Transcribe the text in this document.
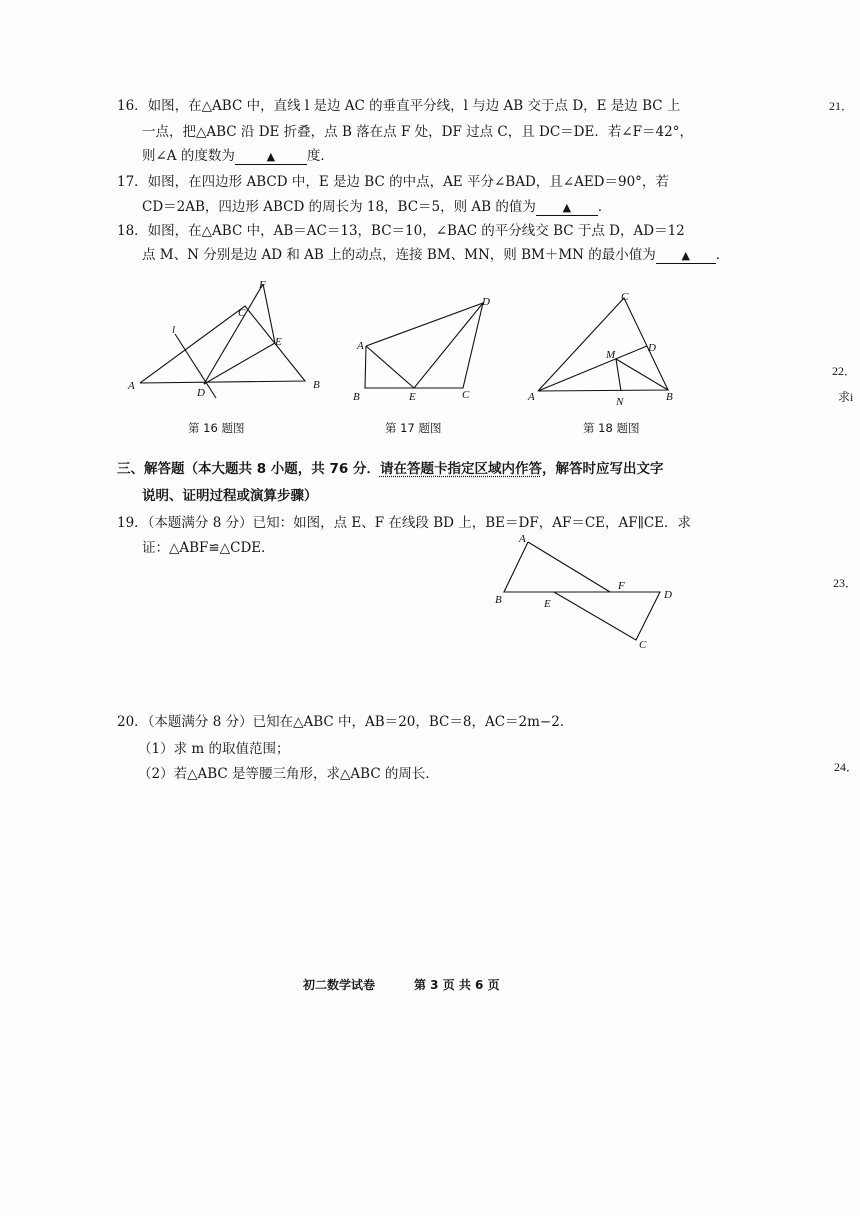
16．如图，在△ABC 中，直线 l 是边 AC 的垂直平分线，l 与边 AB 交于点 D，E 是边 BC 上
一点，把△ABC 沿 DE 折叠，点 B 落在点 F 处，DF 过点 C，且 DC＝DE．若∠F＝42°，
则∠A 的度数为	▲ 度．
17．如图，在四边形 ABCD 中，E 是边 BC 的中点，AE 平分∠BAD，且∠AED＝90°，若
CD＝2AB，四边形 ABCD 的周长为 18，BC＝5，则 AB 的值为 ▲ ．
18．如图，在△ABC 中，AB＝AC＝13，BC＝10，∠BAC 的平分线交 BC 于点 D，AD＝12
点 M、N 分别是边 AD 和 AB 上的动点，连接 BM、MN，则 BM＋MN 的最小值为 ▲ ．
A	B
C
D
E
F
l
第 16 题图
A
B	C
D
E
第 17 题图
A	B
C
D
M
N
第 18 题图
三、解答题（本大题共 8 小题，共 76 分．请在答题卡指定区域内作答，解答时应写出文字
说明、证明过程或演算步骤）
19．（本题满分 8 分）已知：如图，点 E、F 在线段 BD 上，BE＝DF，AF＝CE，AF∥CE．求
证：△ABF≌△CDE．
A
B
C
D
E
F
20．（本题满分 8 分）已知在△ABC 中，AB＝20，BC＝8，AC＝2m−2．
（1）求 m 的取值范围；
（2）若△ABC 是等腰三角形，求△ABC 的周长．
21．
22．
求i
23．
24．
初二数学试卷	第 3 页 共 6 页
